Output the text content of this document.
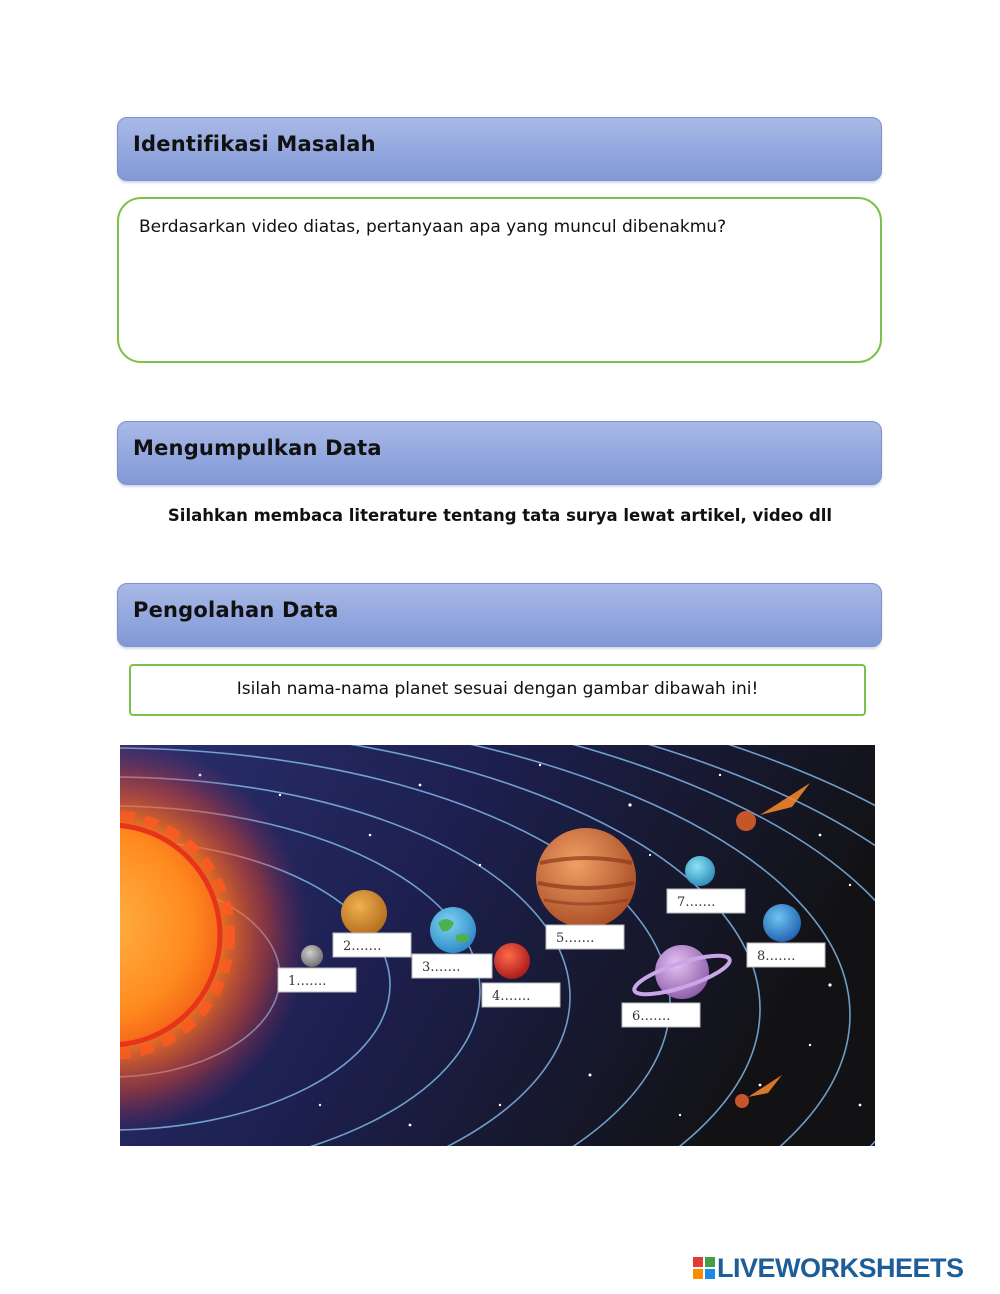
Identifikasi Masalah
Berdasarkan video diatas, pertanyaan apa yang muncul dibenakmu?
Mengumpulkan Data
Silahkan membaca literature tentang tata surya lewat artikel, video dll
Pengolahan Data
Isilah nama-nama planet sesuai dengan gambar dibawah ini!
1…….
2…….
3…….
4…….
5…….
6…….
7…….
8…….
LIVEWORKSHEETS
